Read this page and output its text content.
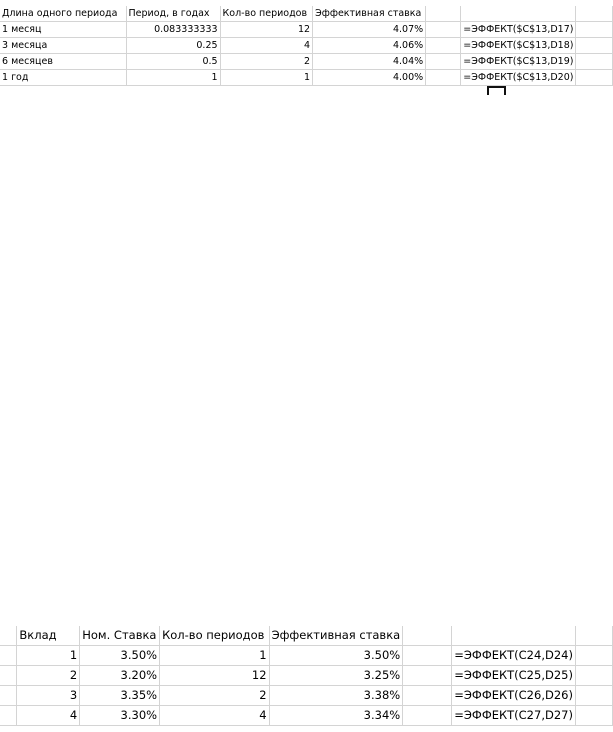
Длина одного периода	Период, в годах	Кол-во периодов	Эффективная ставка			
1 месяц	0.083333333	12	4.07%		=ЭФФЕКТ($C$13,D17)	
3 месяца	0.25	4	4.06%		=ЭФФЕКТ($C$13,D18)	
6 месяцев	0.5	2	4.04%		=ЭФФЕКТ($C$13,D19)	
1 год	1	1	4.00%		=ЭФФЕКТ($C$13,D20)	
	Вклад	Ном. Ставка	Кол-во периодов	Эффективная ставка			
	1	3.50%	1	3.50%		=ЭФФЕКТ(C24,D24)	
	2	3.20%	12	3.25%		=ЭФФЕКТ(C25,D25)	
	3	3.35%	2	3.38%		=ЭФФЕКТ(C26,D26)	
	4	3.30%	4	3.34%		=ЭФФЕКТ(C27,D27)	
